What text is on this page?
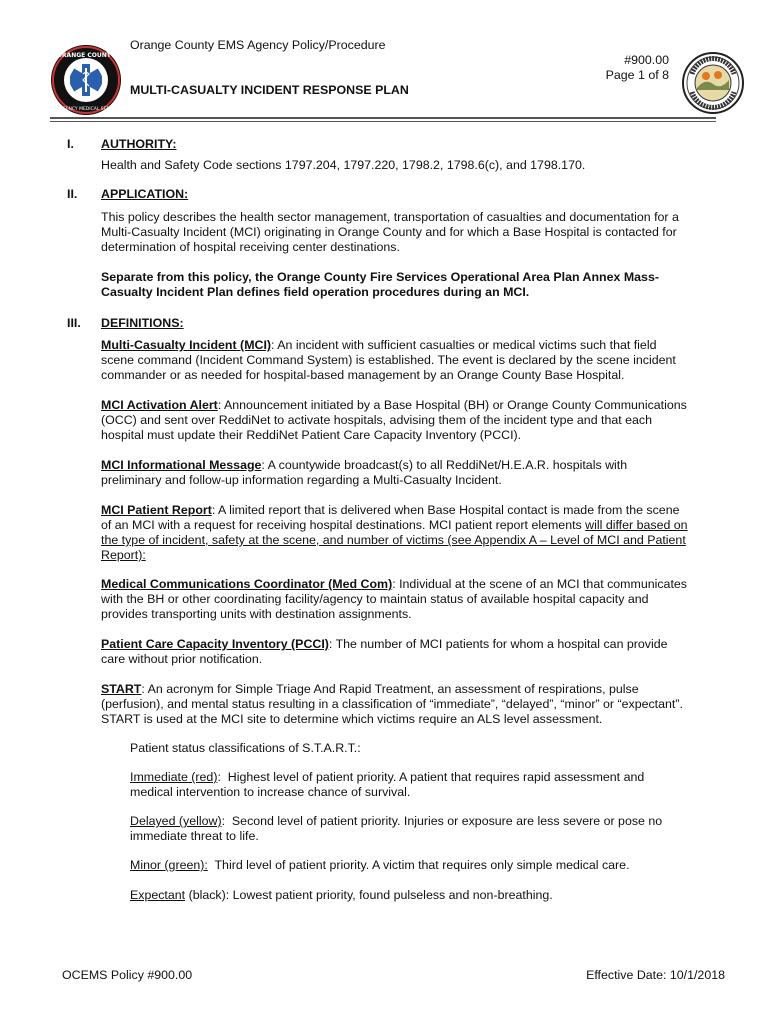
ORANGE COUNTY
EMERGENCY MEDICAL SERVICES
Orange County EMS Agency Policy/Procedure
#900.00
Page 1 of 8
MULTI-CASUALTY INCIDENT RESPONSE PLAN
I. AUTHORITY:
Health and Safety Code sections 1797.204, 1797.220, 1798.2, 1798.6(c), and 1798.170.
II. APPLICATION:
This policy describes the health sector management, transportation of casualties and documentation for a Multi-Casualty Incident (MCI) originating in Orange County and for which a Base Hospital is contacted for determination of hospital receiving center destinations.
Separate from this policy, the Orange County Fire Services Operational Area Plan Annex Mass-Casualty Incident Plan defines field operation procedures during an MCI.
III. DEFINITIONS:
Multi-Casualty Incident (MCI): An incident with sufficient casualties or medical victims such that field scene command (Incident Command System) is established. The event is declared by the scene incident commander or as needed for hospital-based management by an Orange County Base Hospital.
MCI Activation Alert: Announcement initiated by a Base Hospital (BH) or Orange County Communications (OCC) and sent over ReddiNet to activate hospitals, advising them of the incident type and that each hospital must update their ReddiNet Patient Care Capacity Inventory (PCCI).
MCI Informational Message: A countywide broadcast(s) to all ReddiNet/H.E.A.R. hospitals with preliminary and follow-up information regarding a Multi-Casualty Incident.
MCI Patient Report: A limited report that is delivered when Base Hospital contact is made from the scene of an MCI with a request for receiving hospital destinations. MCI patient report elements will differ based on the type of incident, safety at the scene, and number of victims (see Appendix A – Level of MCI and Patient Report):
Medical Communications Coordinator (Med Com): Individual at the scene of an MCI that communicates with the BH or other coordinating facility/agency to maintain status of available hospital capacity and provides transporting units with destination assignments.
Patient Care Capacity Inventory (PCCI): The number of MCI patients for whom a hospital can provide care without prior notification.
START: An acronym for Simple Triage And Rapid Treatment, an assessment of respirations, pulse (perfusion), and mental status resulting in a classification of “immediate”, “delayed”, “minor” or “expectant”. START is used at the MCI site to determine which victims require an ALS level assessment.
Patient status classifications of S.T.A.R.T.:
Immediate (red):  Highest level of patient priority. A patient that requires rapid assessment and medical intervention to increase chance of survival.
Delayed (yellow):  Second level of patient priority. Injuries or exposure are less severe or pose no immediate threat to life.
Minor (green): Third level of patient priority. A victim that requires only simple medical care.
Expectant (black): Lowest patient priority, found pulseless and non-breathing.
OCEMS Policy #900.00	Effective Date: 10/1/2018
